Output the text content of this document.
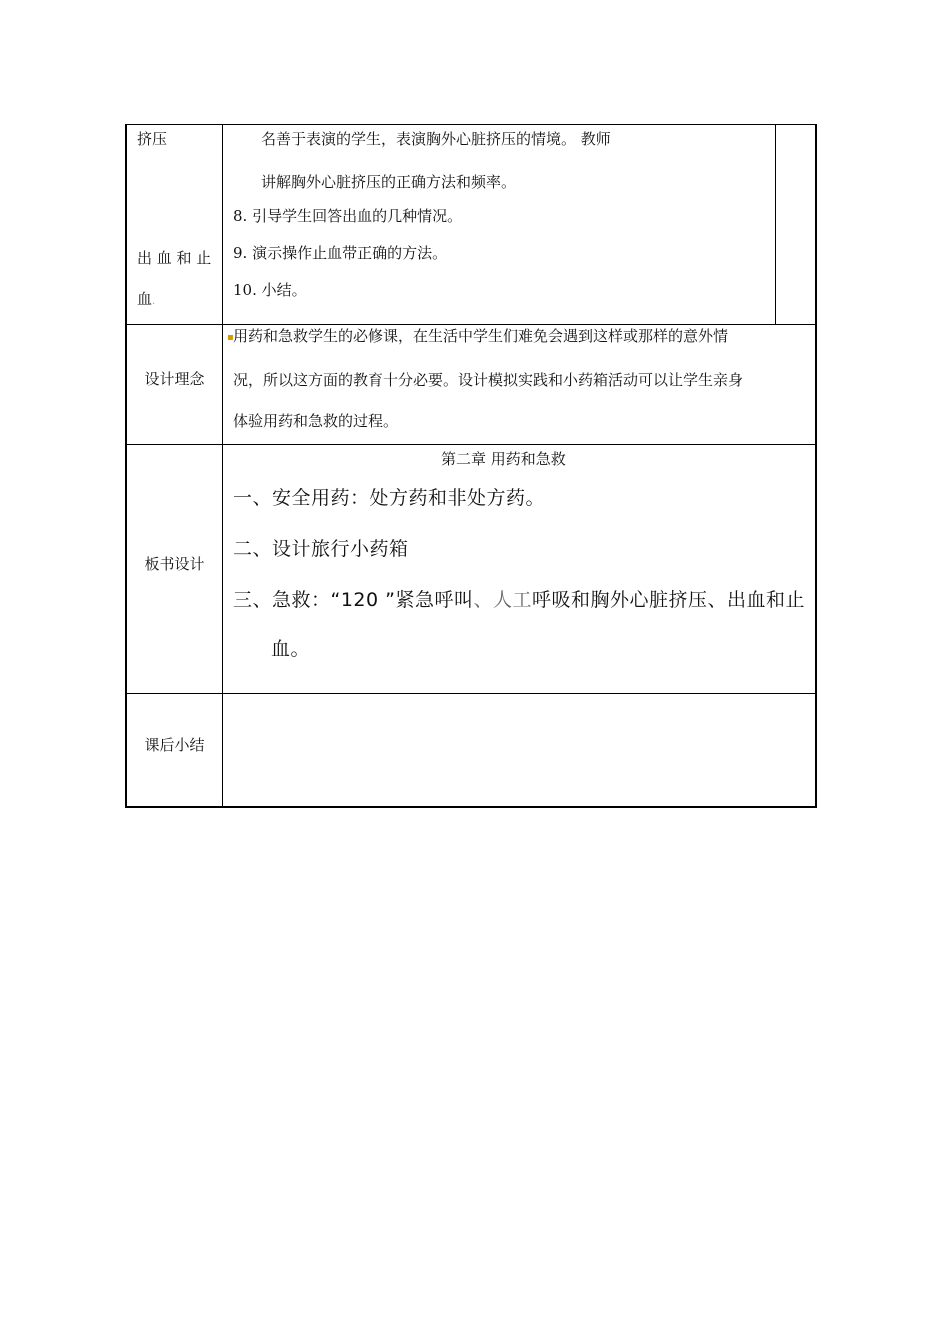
挤压
出 血 和 止
血.
名善于表演的学生，表演胸外心脏挤压的情境。 教师
讲解胸外心脏挤压的正确方法和频率。
8. 引导学生回答出血的几种情况。
9. 演示操作止血带正确的方法。
10. 小结。
设计理念
▪ 用药和急救学生的必修课，在生活中学生们难免会遇到这样或那样的意外情
况，所以这方面的教育十分必要。设计模拟实践和小药箱活动可以让学生亲身
体验用药和急救的过程。
板书设计
第二章 用药和急救
一、安全用药：处方药和非处方药。
二、设计旅行小药箱
三、急救：“120 ”紧急呼叫、人工呼吸和胸外心脏挤压、出血和止
血。
课后小结
